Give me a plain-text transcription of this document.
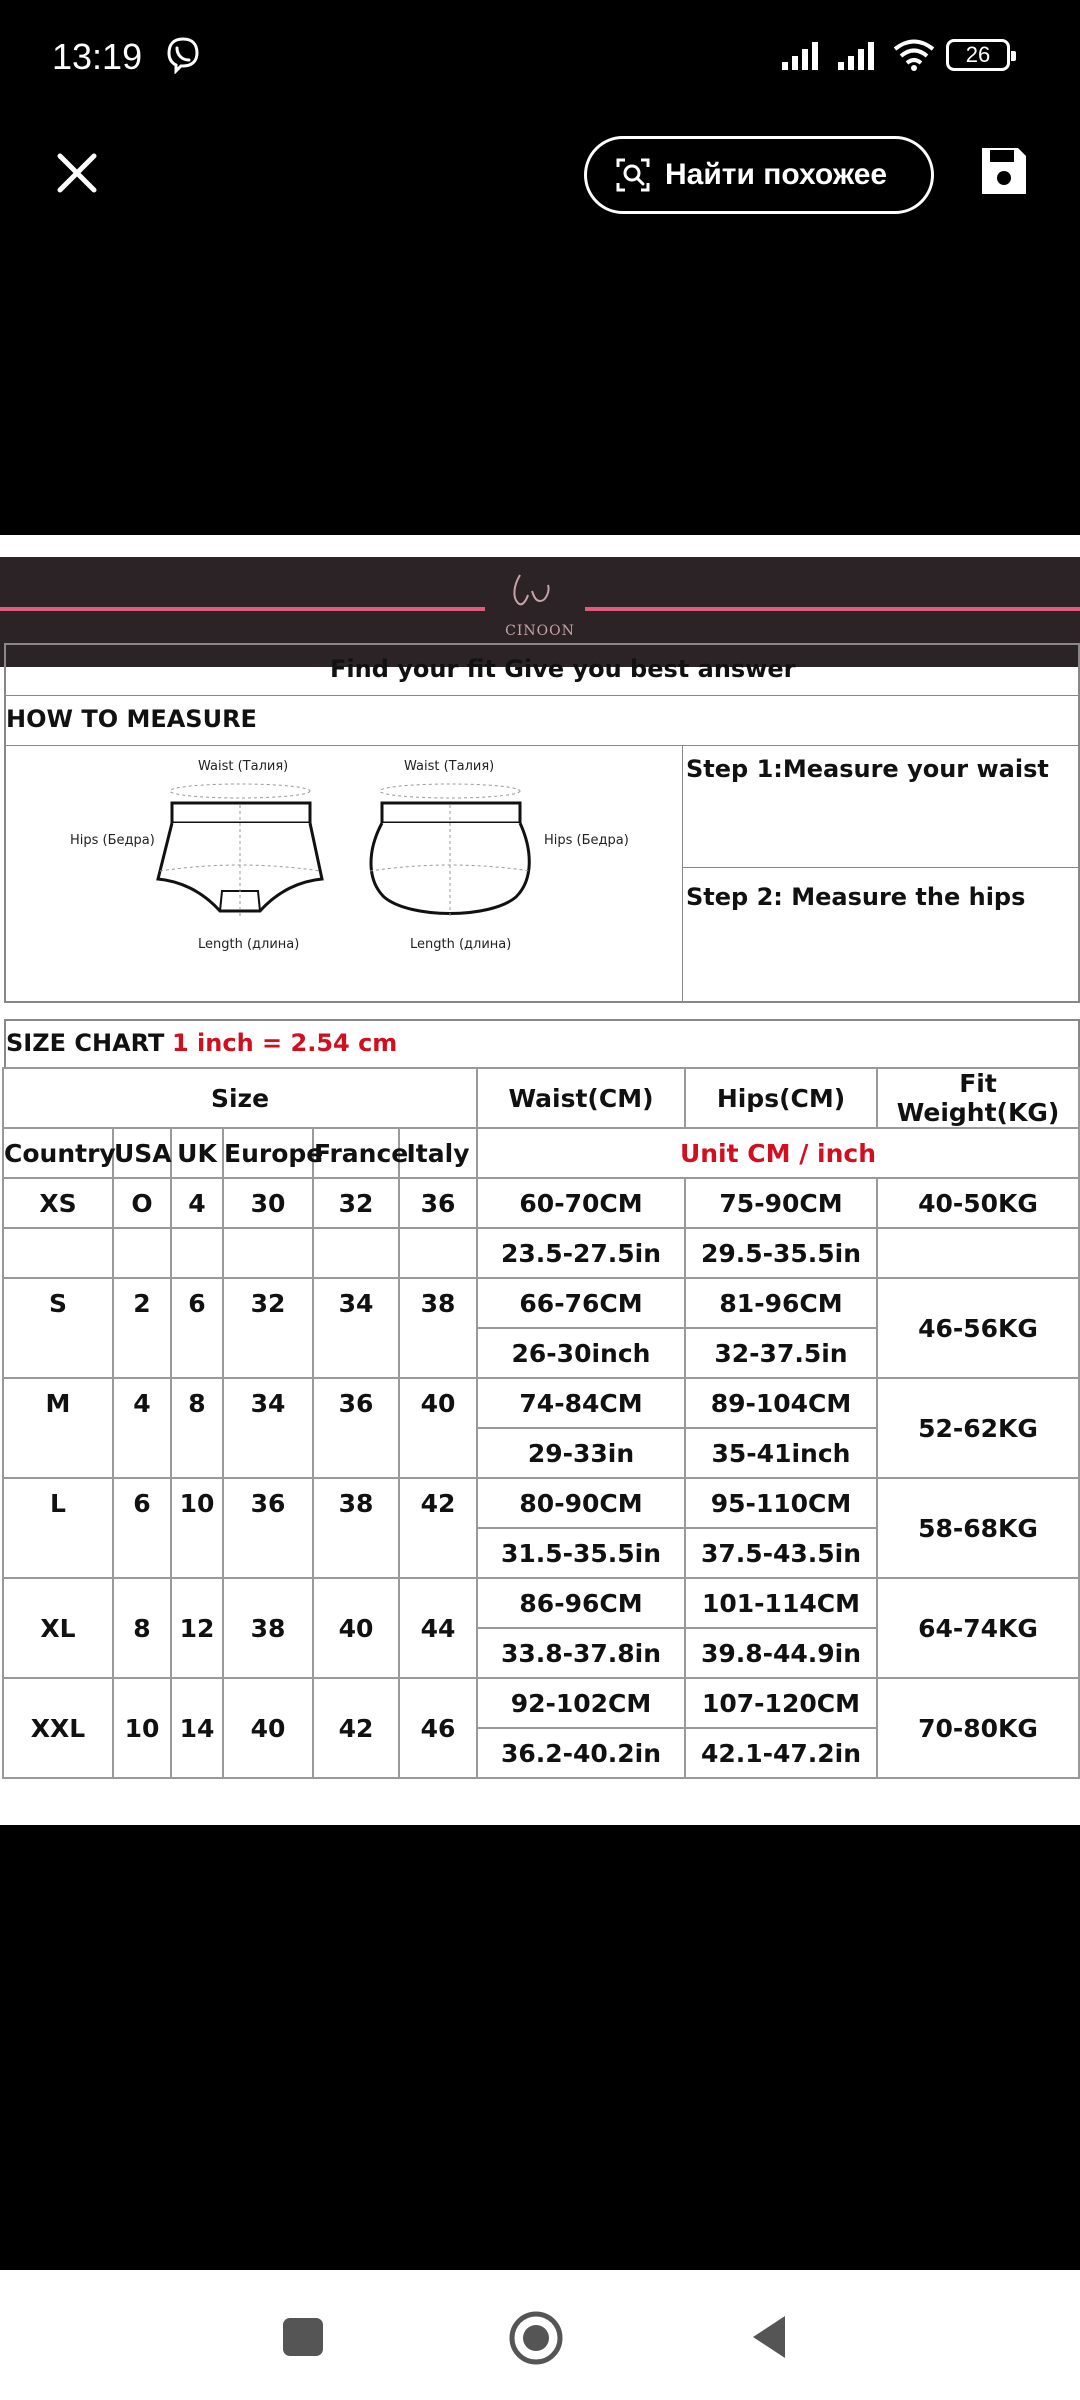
13:19	26
Найти похожее
CINOON
Find your fit Give you best answer
HOW TO MEASURE
Step 1:Measure your waist
Step 2: Measure the hips
Waist (Талия)	Waist (Талия)
Hips (Бедра)	Hips (Бедра)
Length (длина)	Length (длина)
SIZE CHART 1 inch = 2.54 cm
Size						Waist(CM)	Hips(CM)	Fit Weight(KG)
Country	USA	UK	Europe	France	Italy	Unit CM / inch		
XS	O	4	30	32	36	60-70CM	75-90CM	40-50KG
						23.5-27.5in	29.5-35.5in	
S	2	6	32	34	38	66-76CM	81-96CM	46-56KG
						26-30inch	32-37.5in	
M	4	8	34	36	40	74-84CM	89-104CM	52-62KG
						29-33in	35-41inch	
L	6	10	36	38	42	80-90CM	95-110CM	58-68KG
						31.5-35.5in	37.5-43.5in	
XL	8	12	38	40	44	86-96CM	101-114CM	64-74KG
						33.8-37.8in	39.8-44.9in	
XXL	10	14	40	42	46	92-102CM	107-120CM	70-80KG
						36.2-40.2in	42.1-47.2in	
